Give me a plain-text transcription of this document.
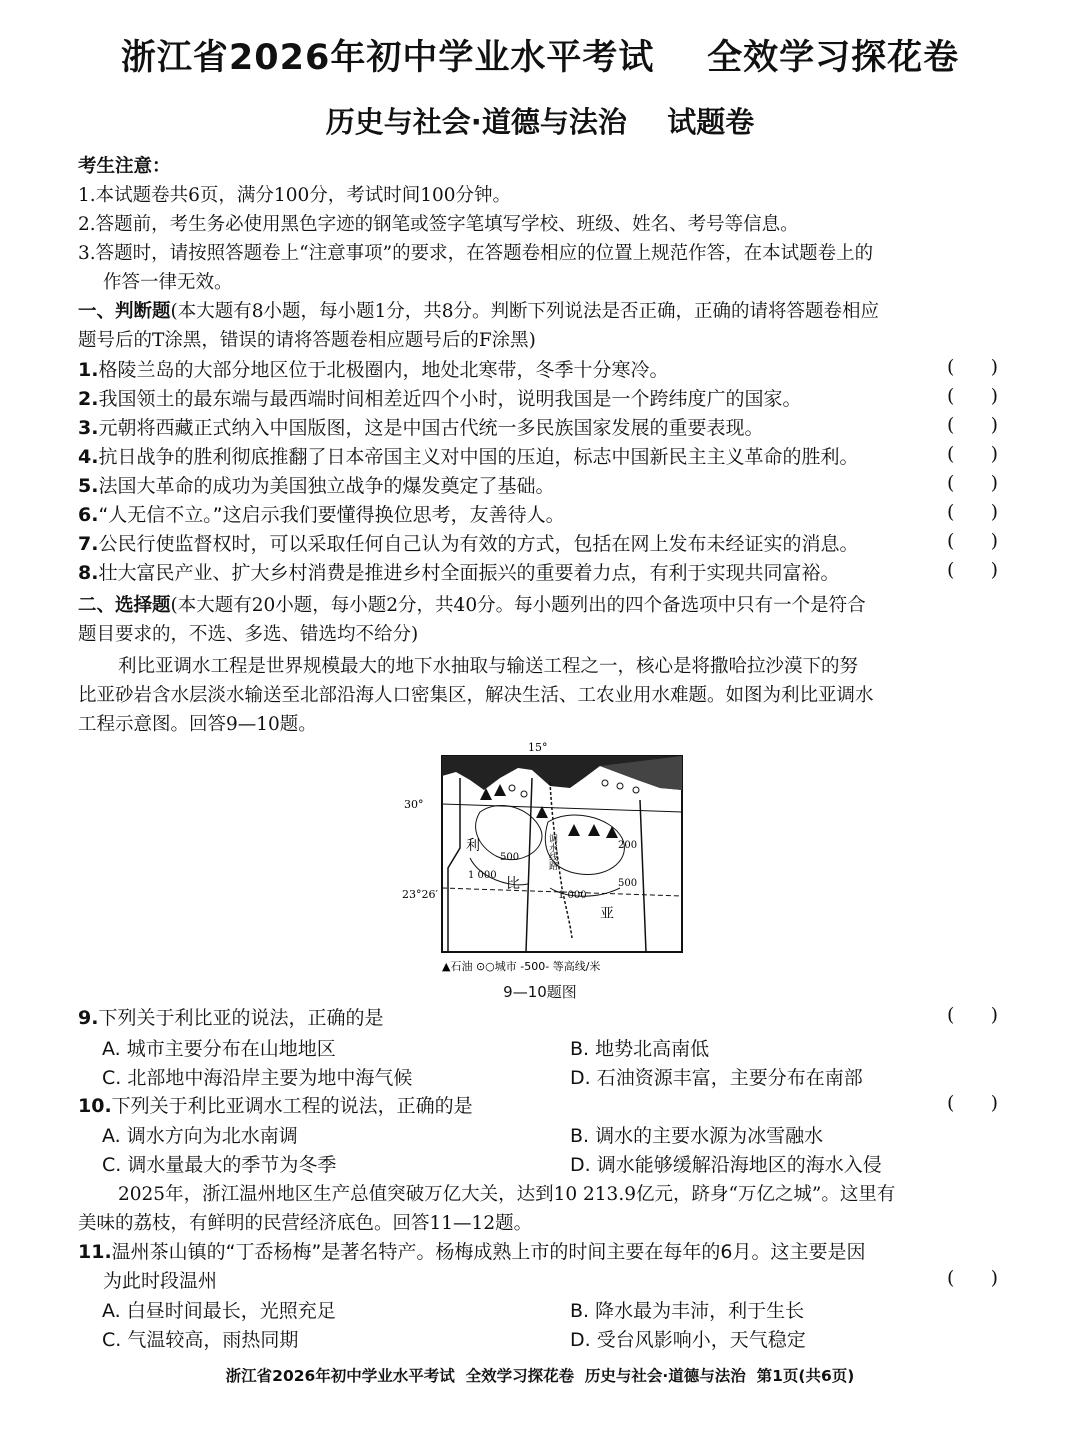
浙江省2026年初中学业水平考试    全效学习探花卷
历史与社会·道德与法治    试题卷
考生注意：
1.本试题卷共6页，满分100分，考试时间100分钟。
2.答题前，考生务必使用黑色字迹的钢笔或签字笔填写学校、班级、姓名、考号等信息。
3.答题时，请按照答题卷上“注意事项”的要求，在答题卷相应的位置上规范作答，在本试题卷上的
作答一律无效。
一、判断题(本大题有8小题，每小题1分，共8分。判断下列说法是否正确，正确的请将答题卷相应
题号后的T涂黑，错误的请将答题卷相应题号后的F涂黑)
1.格陵兰岛的大部分地区位于北极圈内，地处北寒带，冬季十分寒冷。	(      )
2.我国领土的最东端与最西端时间相差近四个小时，说明我国是一个跨纬度广的国家。	(      )
3.元朝将西藏正式纳入中国版图，这是中国古代统一多民族国家发展的重要表现。	(      )
4.抗日战争的胜利彻底推翻了日本帝国主义对中国的压迫，标志中国新民主主义革命的胜利。	(      )
5.法国大革命的成功为美国独立战争的爆发奠定了基础。	(      )
6.“人无信不立。”这启示我们要懂得换位思考，友善待人。	(      )
7.公民行使监督权时，可以采取任何自己认为有效的方式，包括在网上发布未经证实的消息。	(      )
8.壮大富民产业、扩大乡村消费是推进乡村全面振兴的重要着力点，有利于实现共同富裕。	(      )
二、选择题(本大题有20小题，每小题2分，共40分。每小题列出的四个备选项中只有一个是符合
题目要求的，不选、多选、错选均不给分)
利比亚调水工程是世界规模最大的地下水抽取与输送工程之一，核心是将撒哈拉沙漠下的努
比亚砂岩含水层淡水输送至北部沿海人口密集区，解决生活、工农业用水难题。如图为利比亚调水
工程示意图。回答9—10题。
15°
30°
23°26′
利
比
亚
500
1 000
1 000
200
500
调水线路
▲石油 ⊙○城市 -500- 等高线/米
9—10题图
9.下列关于利比亚的说法，正确的是	(      )
A. 城市主要分布在山地地区	B. 地势北高南低
C. 北部地中海沿岸主要为地中海气候	D. 石油资源丰富，主要分布在南部
10.下列关于利比亚调水工程的说法，正确的是	(      )
A. 调水方向为北水南调	B. 调水的主要水源为冰雪融水
C. 调水量最大的季节为冬季	D. 调水能够缓解沿海地区的海水入侵
2025年，浙江温州地区生产总值突破万亿大关，达到10 213.9亿元，跻身“万亿之城”。这里有
美味的荔枝，有鲜明的民营经济底色。回答11—12题。
11.温州茶山镇的“丁岙杨梅”是著名特产。杨梅成熟上市的时间主要在每年的6月。这主要是因
为此时段温州	(      )
A. 白昼时间最长，光照充足	B. 降水最为丰沛，利于生长
C. 气温较高，雨热同期	D. 受台风影响小，天气稳定
浙江省2026年初中学业水平考试  全效学习探花卷  历史与社会·道德与法治  第1页(共6页)
